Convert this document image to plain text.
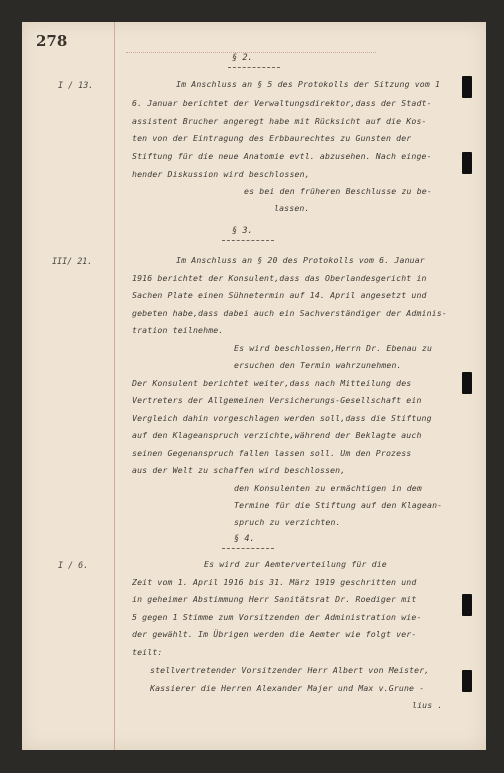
278
§ 2.
I / 13.	Im Anschluss an § 5 des Protokolls der Sitzung vom 1
6. Januar berichtet der Verwaltungsdirektor,dass der Stadt-
assistent Brucher angeregt habe mit Rücksicht auf die Kos-
ten von der Eintragung des Erbbaurechtes zu Gunsten der
Stiftung für die neue Anatomie evtl. abzusehen. Nach einge-
hender Diskussion wird beschlossen,
es bei den früheren Beschlusse zu be-
lassen.
§ 3.
III/ 21.	Im Anschluss an § 20 des Protokolls vom 6. Januar
1916 berichtet der Konsulent,dass das Oberlandesgericht in
Sachen Plate einen Sühnetermin auf 14. April angesetzt und
gebeten habe,dass dabei auch ein Sachverständiger der Adminis-
tration teilnehme.
Es wird beschlossen,Herrn Dr. Ebenau zu
ersuchen den Termin wahrzunehmen.
Der Konsulent berichtet weiter,dass nach Mitteilung des
Vertreters der Allgemeinen Versicherungs-Gesellschaft ein
Vergleich dahin vorgeschlagen werden soll,dass die Stiftung
auf den Klageanspruch verzichte,während der Beklagte auch
seinen Gegenanspruch fallen lassen soll. Um den Prozess
aus der Welt zu schaffen wird beschlossen,
den Konsulenten zu ermächtigen in dem
Termine für die Stiftung auf den Klagean-
spruch zu verzichten.
§ 4.
I / 6.	Es wird zur Aemterverteilung für die
Zeit vom 1. April 1916 bis 31. März 1919 geschritten und
in geheimer Abstimmung Herr Sanitätsrat Dr. Roediger mit
5 gegen 1 Stimme zum Vorsitzenden der Administration wie-
der gewählt. Im Übrigen werden die Aemter wie folgt ver-
teilt:
stellvertretender Vorsitzender Herr Albert von Meister,
Kassierer die Herren Alexander Majer und Max v.Grune -
lius .
